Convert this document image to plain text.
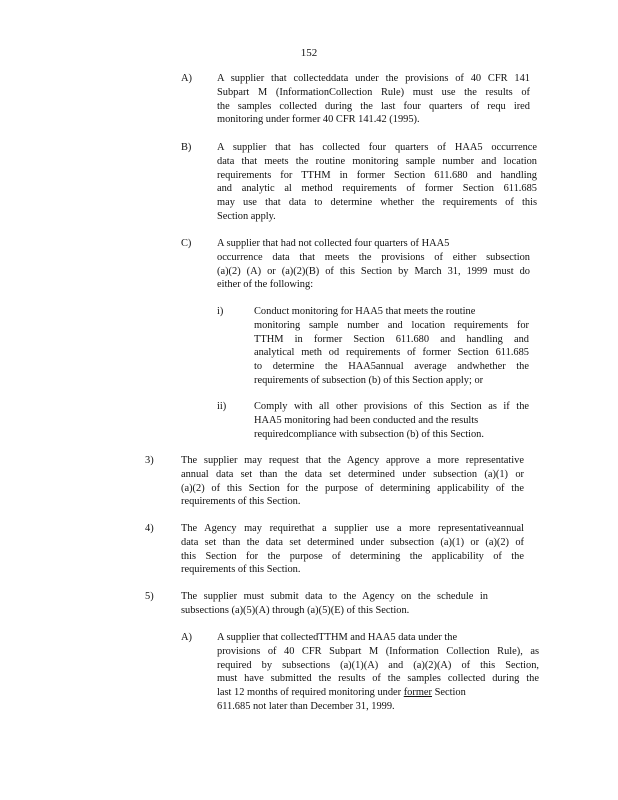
152
A) A supplier that collecteddata under the provisions of 40 CFR 141
Subpart M (InformationCollection Rule) must use the results of
the samples collected during the last four quarters of requ ired
monitoring under former 40 CFR 141.42 (1995).
B) A supplier that has collected four quarters of HAA5 occurrence
data that meets the routine monitoring sample number and location
requirements for TTHM in former Section 611.680 and handling
and analytic al method requirements of former Section 611.685
may use that data to determine whether the requirements of this
Section apply.
C) A supplier that had not collected four quarters of HAA5
occurrence data that meets the provisions of either subsection
(a)(2) (A) or (a)(2)(B) of this Section by March 31, 1999 must do
either of the following:
i)	Conduct monitoring for HAA5 that meets the routine
monitoring sample number and location requirements for
TTHM in former Section 611.680 and handling and
analytical meth od requirements of former Section 611.685
to determine the HAA5annual average andwhether the
requirements of subsection (b) of this Section apply; or
ii)	Comply with all other provisions of this Section as if the
HAA5 monitoring had been conducted and the results
requiredcompliance with subsection (b) of this Section.
3)	The supplier may request that the Agency approve a more representative
annual data set than the data set determined under subsection (a)(1) or
(a)(2) of this Section for the purpose of determining applicability of the
requirements of this Section.
4)	The Agency may requirethat a supplier use a more representativeannual
data set than the data set determined under subsection (a)(1) or (a)(2) of
this Section for the purpose of determining the applicability of the
requirements of this Section.
5)	The supplier must submit data to the Agency on the schedule in
subsections (a)(5)(A) through (a)(5)(E) of this Section.
A) A supplier that collectedTTHM and HAA5 data under the
provisions of 40 CFR Subpart M (Information Collection Rule), as
required by subsections (a)(1)(A) and (a)(2)(A) of this Section,
must have submitted the results of the samples collected during the
last 12 months of required monitoring under former Section
611.685 not later than December 31, 1999.
